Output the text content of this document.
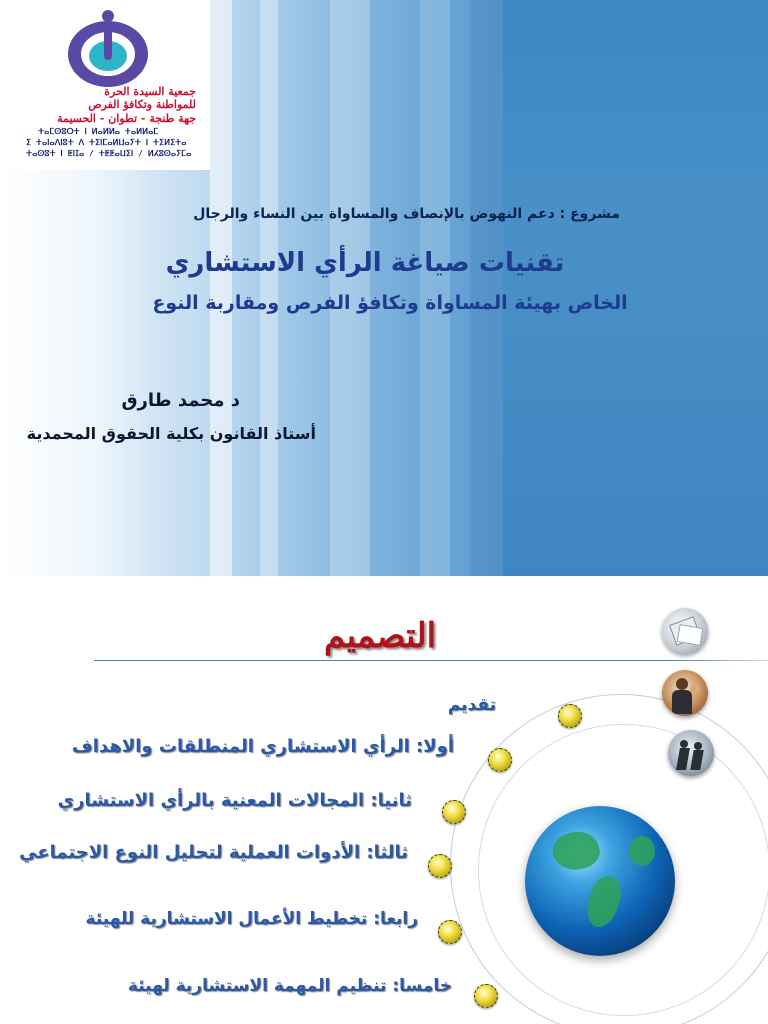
جمعية السيدة الحرة
للمواطنة وتكافؤ الفرص
جهة طنجة - تطوان - الحسيمة
ⵜⴰⵎⵙⵓⵔⵜ ⵏ ⵍⴰⵍⵍⴰ ⵜⴰⵍⵍⴰⵎ
ⵉ ⵜⴰⵏⴰⴷⵏⵓⵜ ⴷ ⵜⵉⵏⵎⴰⵍⵡⴰⵢⵜ ⵏ ⵜⵉⵍⵉⵜⴰ
ⵜⴰⵙⵓⵜ ⵏ ⵟⵏⵊⴰ / ⵜⵟⵟⴰⵡⵉⵏ / ⵍⵃⵓⵙⴰⵢⵎⴰ
مشروع : دعم النهوض بالإنصاف والمساواة بين النساء والرجال
تقنيات صياغة الرأي الاستشاري
الخاص بهيئة المساواة وتكافؤ الفرص ومقاربة النوع
د محمد طارق
أستاذ القانون بكلية الحقوق المحمدية
التصميم
تقديم
أولا: الرأي الاستشاري المنطلقات والاهداف
ثانيا: المجالات المعنية بالرأي الاستشاري
ثالثا: الأدوات العملية لتحليل النوع الاجتماعي
رابعا: تخطيط الأعمال الاستشارية للهيئة
خامسا: تنظيم المهمة الاستشارية لهيئة
